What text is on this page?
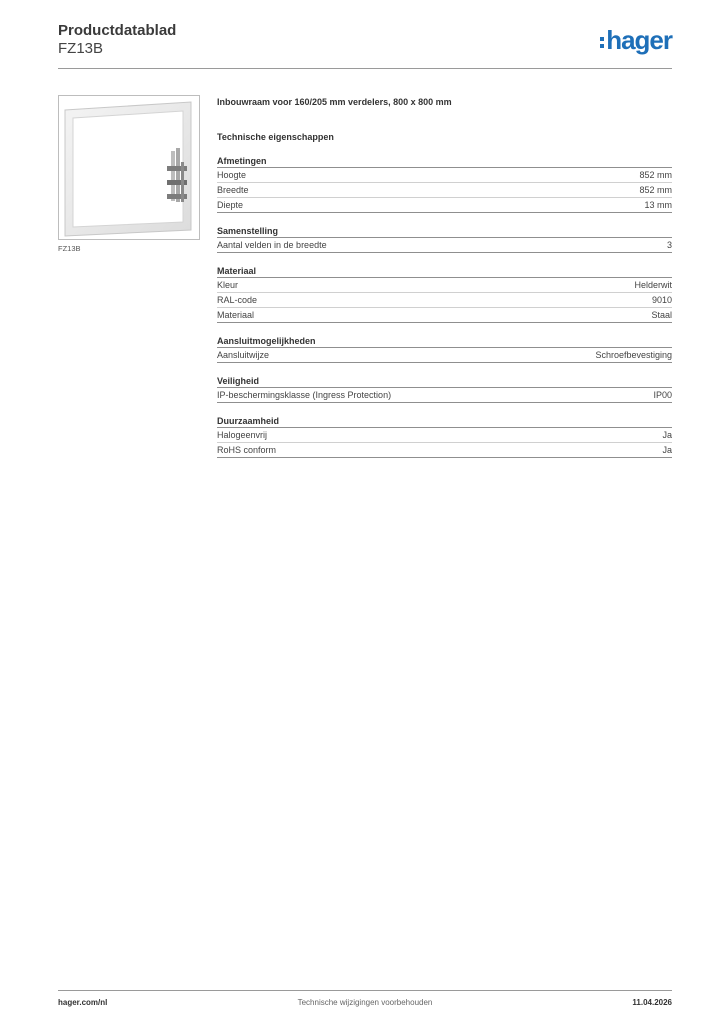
Productdatablad
FZ13B	hager
FZ13B
Inbouwraam voor 160/205 mm verdelers, 800 x 800 mm
Technische eigenschappen
Afmetingen
Hoogte	852 mm
Breedte	852 mm
Diepte	13 mm
Samenstelling
Aantal velden in de breedte	3
Materiaal
Kleur	Helderwit
RAL-code	9010
Materiaal	Staal
Aansluitmogelijkheden
Aansluitwijze	Schroefbevestiging
Veiligheid
IP-beschermingsklasse (Ingress Protection)	IP00
Duurzaamheid
Halogeenvrij	Ja
RoHS conform	Ja
hager.com/nl	Technische wijzigingen voorbehouden	11.04.2026
